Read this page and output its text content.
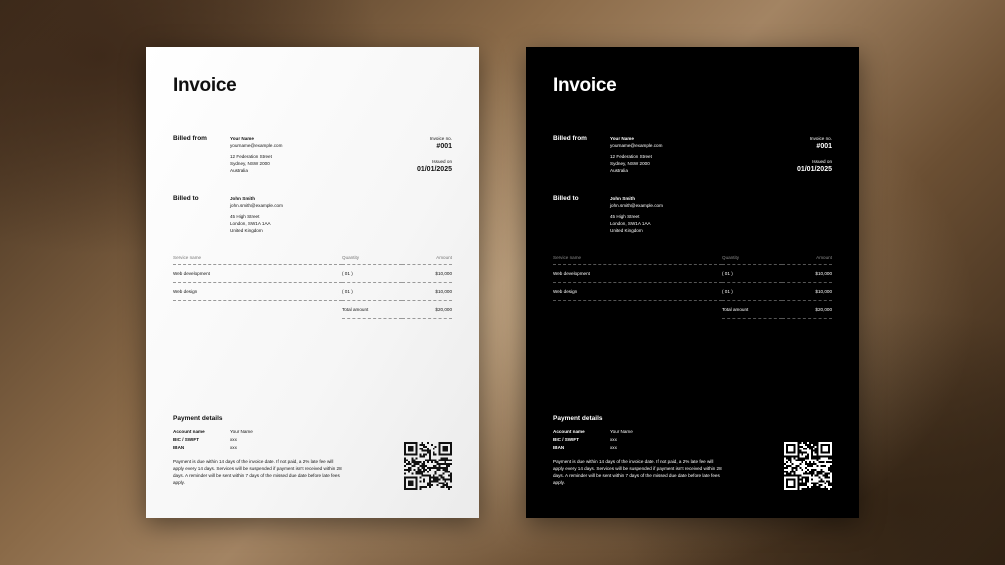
Invoice
Billed from	Your Name
yourname@example.com
12 Federation Street
Sydney, NSW 2000
Australia
Invoice no.
#001
Issued on
01/01/2025
Billed to	John Smith
john.smith@example.com
45 High Street
London, SW1A 1AA
United Kingdom
Service name	Quantity	Amount
Web development	( 01 )	$10,000
Web design	( 01 )	$10,000
	Total amount	$20,000
Payment details
Account name	Your Name
BIC / SWIFT	xxx
IBAN	xxx
Payment is due within 14 days of the invoice date. If not paid, a 2% late fee will apply every 14 days. Services will be suspended if payment isn't received within 28 days. A reminder will be sent within 7 days of the missed due date before late fees apply.
Invoice
Billed from	Your Name
yourname@example.com
12 Federation Street
Sydney, NSW 2000
Australia
Invoice no.
#001
Issued on
01/01/2025
Billed to	John Smith
john.smith@example.com
45 High Street
London, SW1A 1AA
United Kingdom
Service name	Quantity	Amount
Web development	( 01 )	$10,000
Web design	( 01 )	$10,000
	Total amount	$20,000
Payment details
Account name	Your Name
BIC / SWIFT	xxx
IBAN	xxx
Payment is due within 14 days of the invoice date. If not paid, a 2% late fee will apply every 14 days. Services will be suspended if payment isn't received within 28 days. A reminder will be sent within 7 days of the missed due date before late fees apply.
